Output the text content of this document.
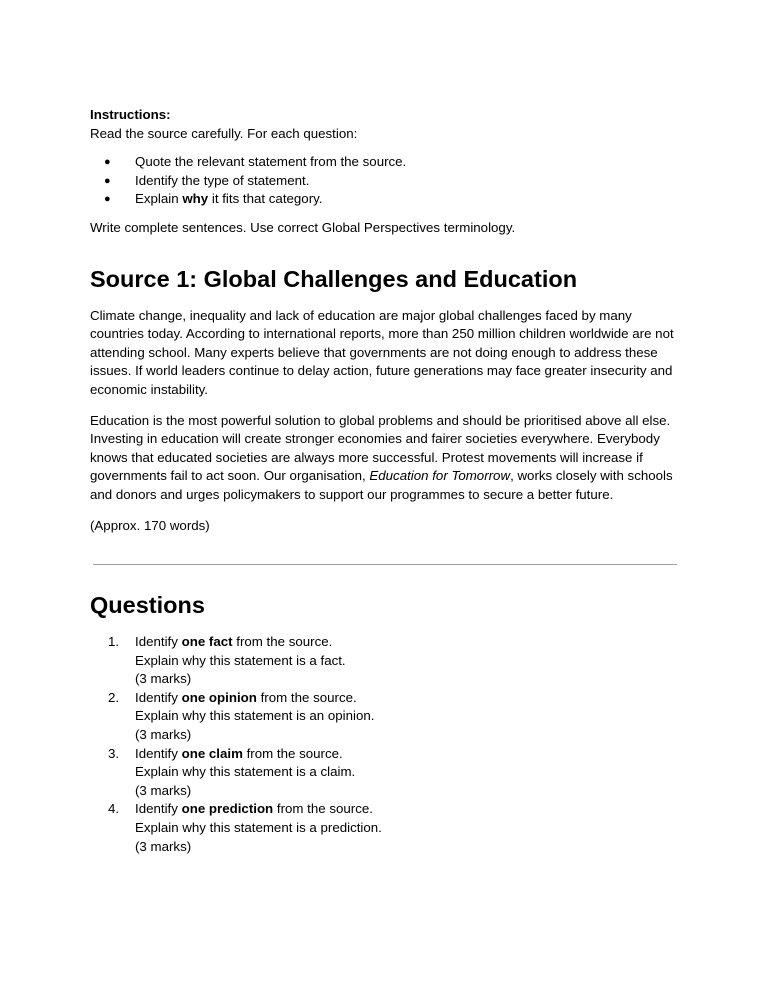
Instructions:

Read the source carefully. For each question:

●	Quote the relevant statement from the source.
●	Identify the type of statement.
●	Explain why it fits that category.

Write complete sentences. Use correct Global Perspectives terminology.

Source 1: Global Challenges and Education

Climate change, inequality and lack of education are major global challenges faced by many countries today. According to international reports, more than 250 million children worldwide are not attending school. Many experts believe that governments are not doing enough to address these issues. If world leaders continue to delay action, future generations may face greater insecurity and economic instability.

Education is the most powerful solution to global problems and should be prioritised above all else. Investing in education will create stronger economies and fairer societies everywhere. Everybody knows that educated societies are always more successful. Protest movements will increase if governments fail to act soon. Our organisation, Education for Tomorrow, works closely with schools and donors and urges policymakers to support our programmes to secure a better future.

(Approx. 170 words)

Questions
1. Identify one fact from the source.
Explain why this statement is a fact.
(3 marks)
2. Identify one opinion from the source.
Explain why this statement is an opinion.
(3 marks)
3. Identify one claim from the source.
Explain why this statement is a claim.
(3 marks)
4. Identify one prediction from the source.
Explain why this statement is a prediction.
(3 marks)
